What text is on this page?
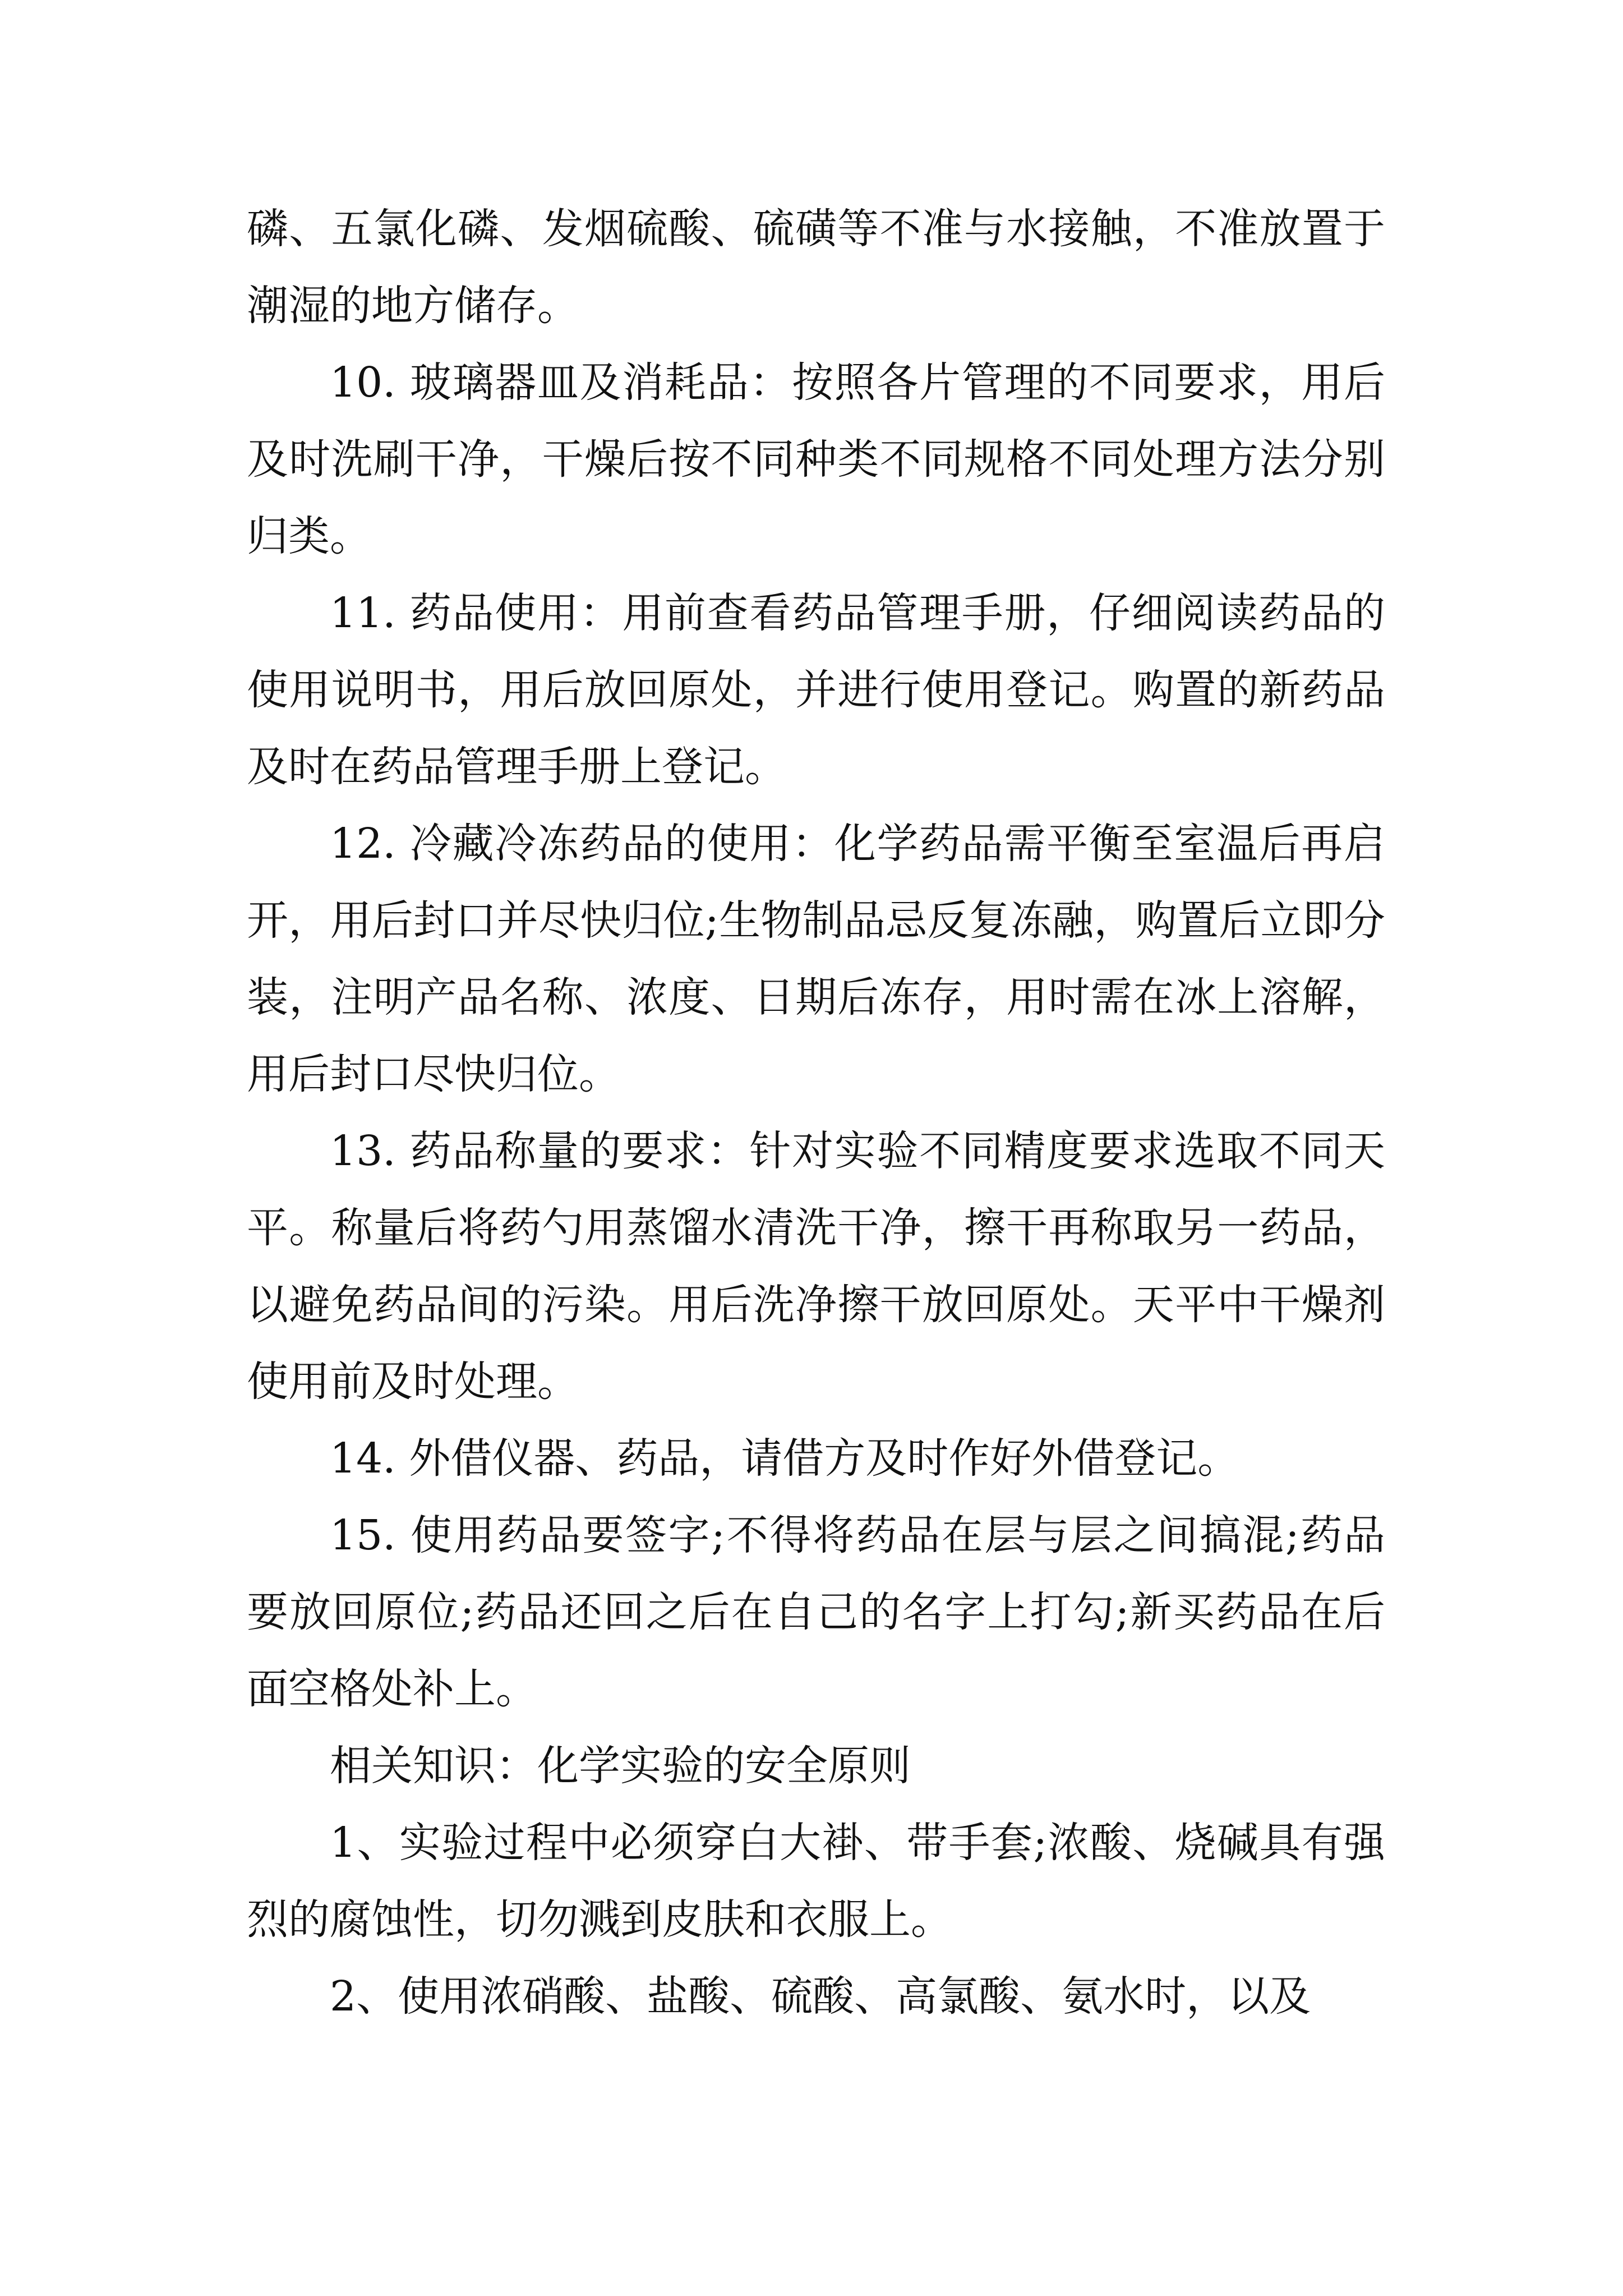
磷、五氯化磷、发烟硫酸、硫磺等不准与水接触，不准放置于潮湿的地方储存。

10. 玻璃器皿及消耗品：按照各片管理的不同要求，用后及时洗刷干净，干燥后按不同种类不同规格不同处理方法分别归类。

11. 药品使用：用前查看药品管理手册，仔细阅读药品的使用说明书，用后放回原处，并进行使用登记。购置的新药品及时在药品管理手册上登记。

12. 冷藏冷冻药品的使用：化学药品需平衡至室温后再启开，用后封口并尽快归位;生物制品忌反复冻融，购置后立即分装，注明产品名称、浓度、日期后冻存，用时需在冰上溶解，用后封口尽快归位。

13. 药品称量的要求：针对实验不同精度要求选取不同天平。称量后将药勺用蒸馏水清洗干净，擦干再称取另一药品，以避免药品间的污染。用后洗净擦干放回原处。天平中干燥剂使用前及时处理。

14. 外借仪器、药品，请借方及时作好外借登记。

15. 使用药品要签字;不得将药品在层与层之间搞混;药品要放回原位;药品还回之后在自己的名字上打勾;新买药品在后面空格处补上。

相关知识：化学实验的安全原则

1、实验过程中必须穿白大褂、带手套;浓酸、烧碱具有强烈的腐蚀性，切勿溅到皮肤和衣服上。

2、使用浓硝酸、盐酸、硫酸、高氯酸、氨水时，以及
